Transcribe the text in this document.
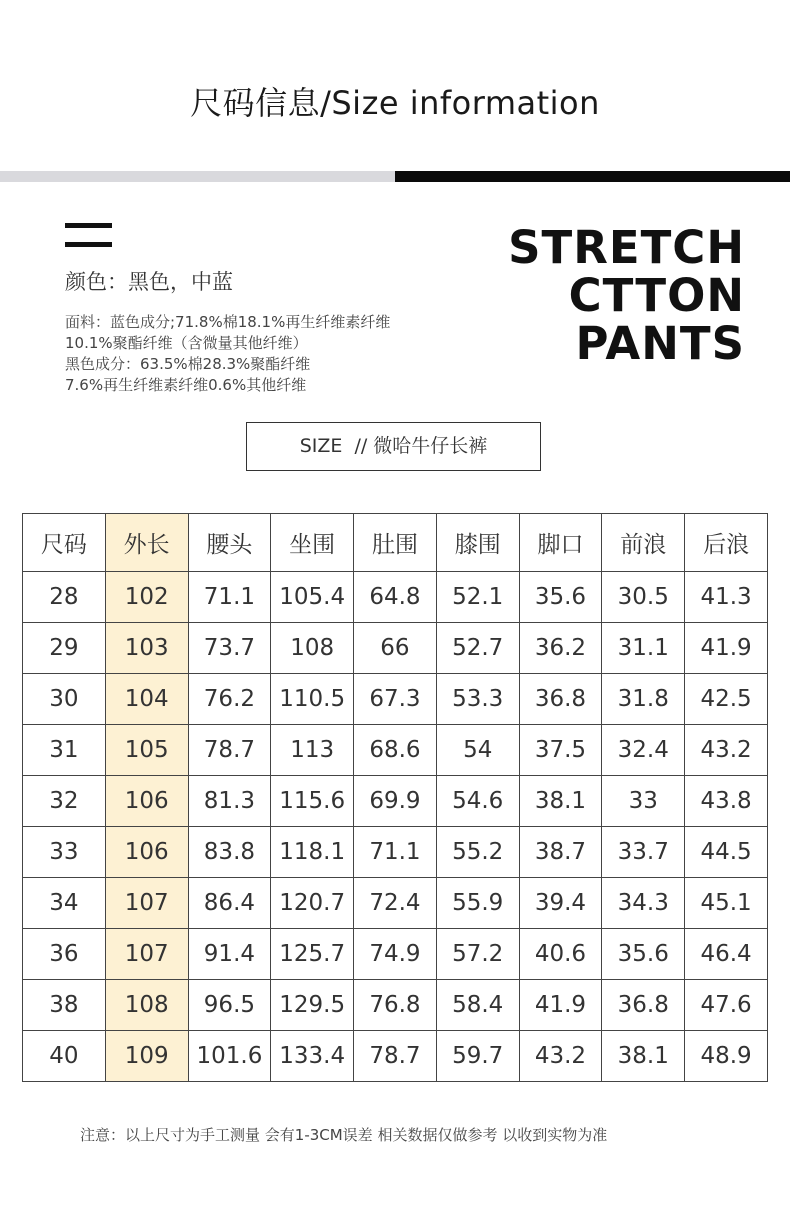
尺码信息/Size information
颜色：黑色，中蓝
面料：蓝色成分;71.8%棉18.1%再生纤维素纤维
10.1%聚酯纤维（含微量其他纤维）
黑色成分：63.5%棉28.3%聚酯纤维
7.6%再生纤维素纤维0.6%其他纤维
STRETCH
CTTON
PANTS
SIZE  // 微哈牛仔长裤
尺码	外长	腰头	坐围	肚围	膝围	脚口	前浪	后浪
28	102	71.1	105.4	64.8	52.1	35.6	30.5	41.3
29	103	73.7	108	66	52.7	36.2	31.1	41.9
30	104	76.2	110.5	67.3	53.3	36.8	31.8	42.5
31	105	78.7	113	68.6	54	37.5	32.4	43.2
32	106	81.3	115.6	69.9	54.6	38.1	33	43.8
33	106	83.8	118.1	71.1	55.2	38.7	33.7	44.5
34	107	86.4	120.7	72.4	55.9	39.4	34.3	45.1
36	107	91.4	125.7	74.9	57.2	40.6	35.6	46.4
38	108	96.5	129.5	76.8	58.4	41.9	36.8	47.6
40	109	101.6	133.4	78.7	59.7	43.2	38.1	48.9
注意：以上尺寸为手工测量 会有1-3CM误差 相关数据仅做参考 以收到实物为准
